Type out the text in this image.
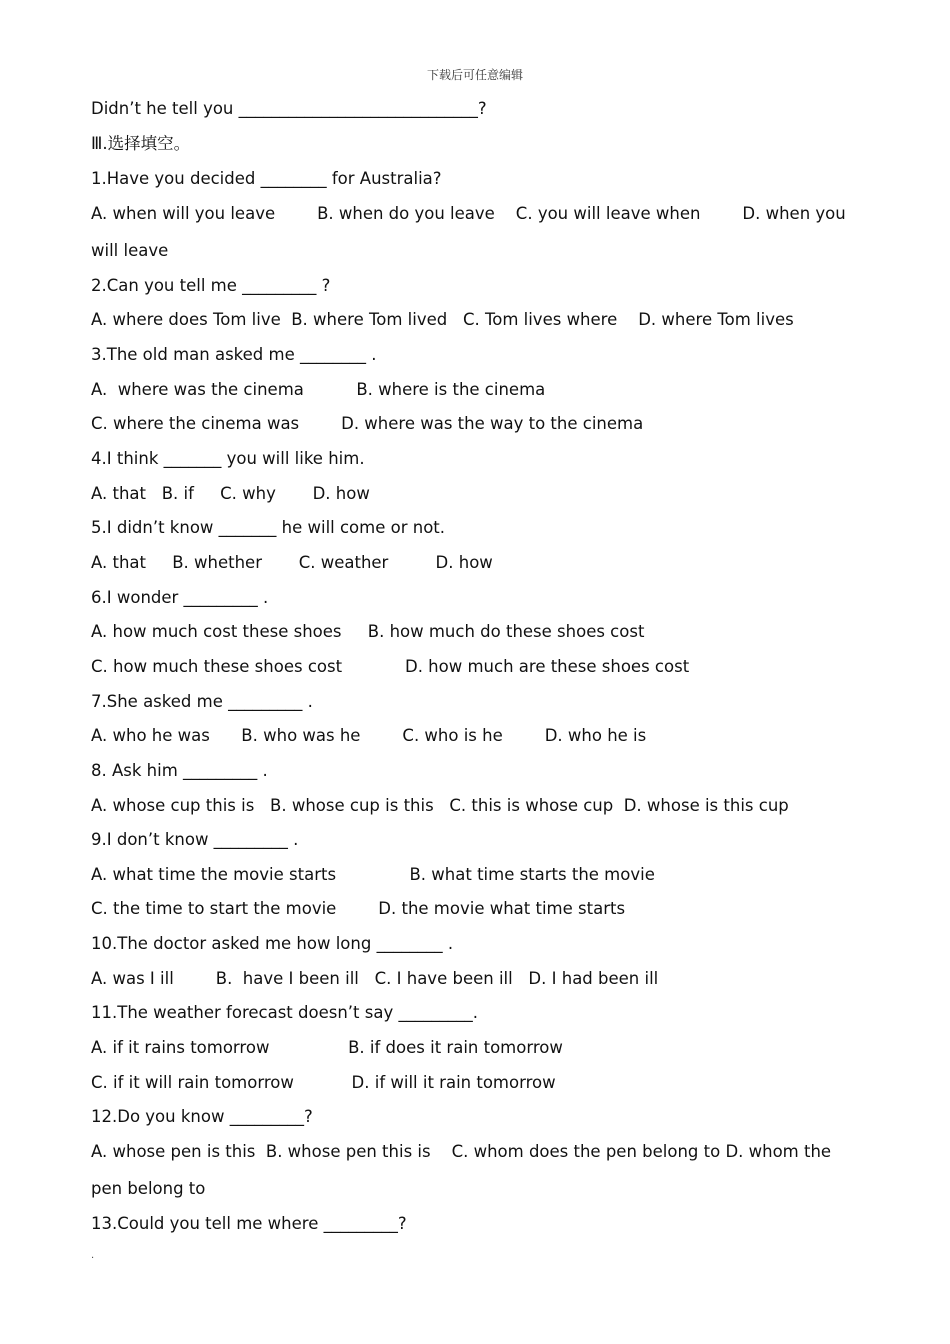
下载后可任意编辑
Didn’t he tell you _____________________________?
Ⅲ.选择填空。
1.Have you decided ________ for Australia?
A. when will you leave        B. when do you leave    C. you will leave when        D. when you
will leave
2.Can you tell me _________ ?
A. where does Tom live  B. where Tom lived   C. Tom lives where    D. where Tom lives
3.The old man asked me ________ .
A.  where was the cinema          B. where is the cinema
C. where the cinema was        D. where was the way to the cinema
4.I think _______ you will like him.
A. that   B. if     C. why       D. how
5.I didn’t know _______ he will come or not.
A. that     B. whether       C. weather         D. how
6.I wonder _________ .
A. how much cost these shoes     B. how much do these shoes cost
C. how much these shoes cost            D. how much are these shoes cost
7.She asked me _________ .
A. who he was      B. who was he        C. who is he        D. who he is
8. Ask him _________ .
A. whose cup this is   B. whose cup is this   C. this is whose cup  D. whose is this cup
9.I don’t know _________ .
A. what time the movie starts              B. what time starts the movie
C. the time to start the movie        D. the movie what time starts
10.The doctor asked me how long ________ .
A. was I ill        B.  have I been ill   C. I have been ill   D. I had been ill
11.The weather forecast doesn’t say _________.
A. if it rains tomorrow               B. if does it rain tomorrow
C. if it will rain tomorrow           D. if will it rain tomorrow
12.Do you know _________?
A. whose pen is this  B. whose pen this is    C. whom does the pen belong to D. whom the
pen belong to
13.Could you tell me where _________?
.
